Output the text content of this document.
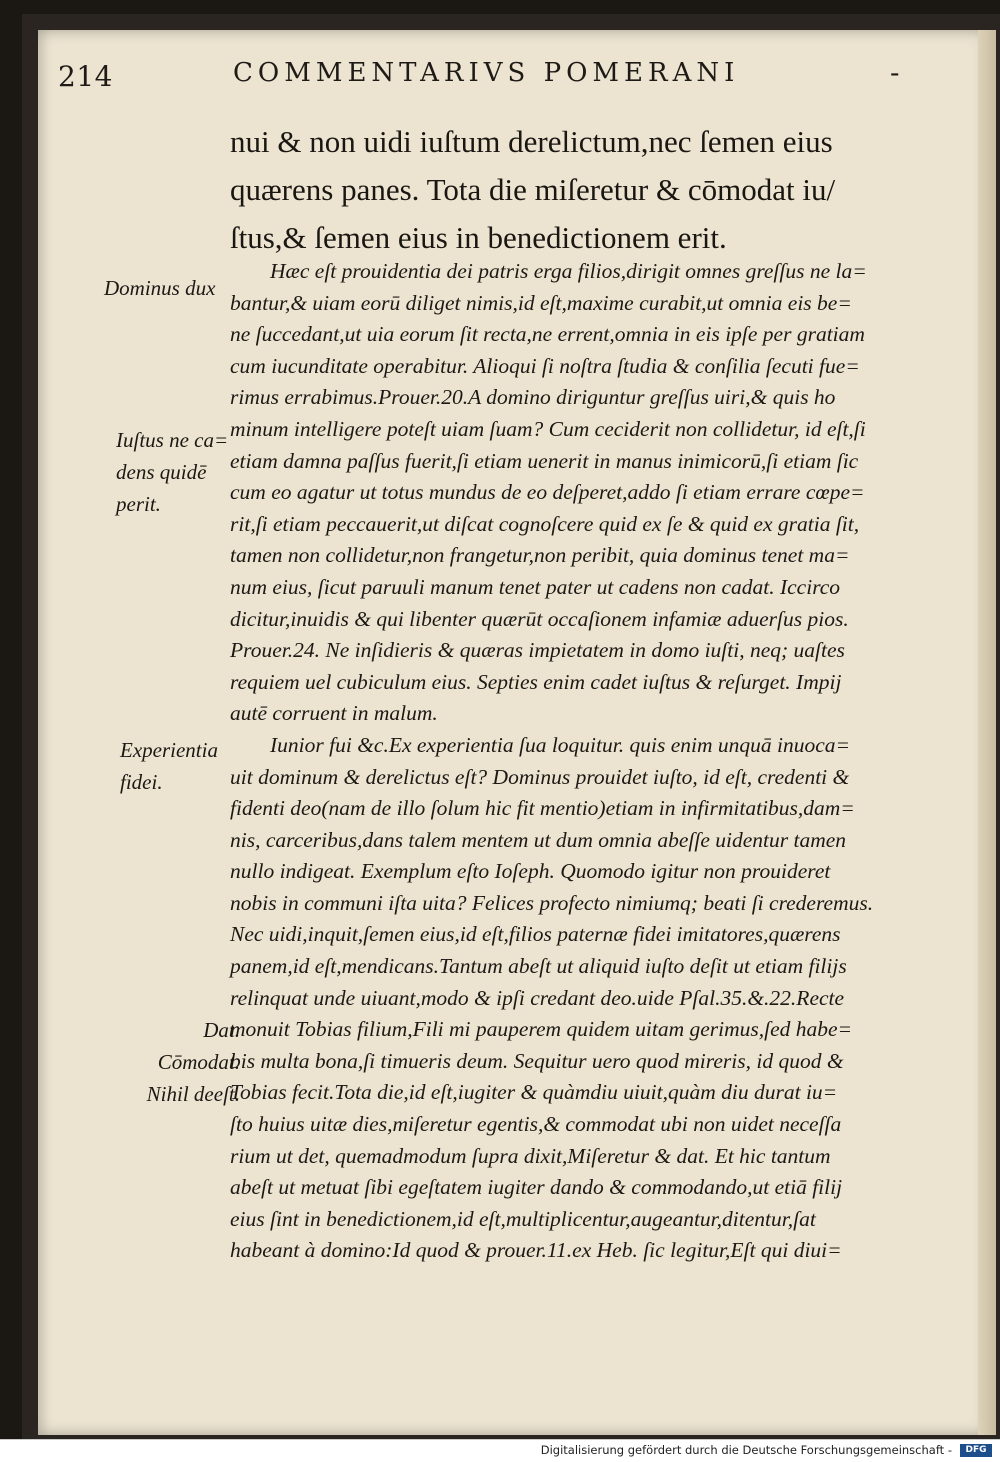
214	COMMENTARIVS POMERANI	-

nui & non uidi iuſtum derelictum,nec ſemen eius

quærens panes. Tota die miſeretur & cōmodat iu/

ſtus,& ſemen eius in benedictionem erit.

Hæc eſt prouidentia dei patris erga filios,dirigit omnes greſſus ne la=

bantur,& uiam eorū diliget nimis,id eſt,maxime curabit,ut omnia eis be=

ne ſuccedant,ut uia eorum ſit recta,ne errent,omnia in eis ipſe per gratiam

cum iucunditate operabitur. Alioqui ſi noſtra ſtudia & conſilia ſecuti fue=

rimus errabimus.Prouer.20.A domino diriguntur greſſus uiri,& quis ho

minum intelligere poteſt uiam ſuam? Cum ceciderit non collidetur, id eſt,ſi

etiam damna paſſus fuerit,ſi etiam uenerit in manus inimicorū,ſi etiam ſic

cum eo agatur ut totus mundus de eo deſperet,addo ſi etiam errare cœpe=

rit,ſi etiam peccauerit,ut diſcat cognoſcere quid ex ſe & quid ex gratia ſit,

tamen non collidetur,non frangetur,non peribit, quia dominus tenet ma=

num eius, ſicut paruuli manum tenet pater ut cadens non cadat. Iccirco

dicitur,inuidis & qui libenter quærūt occaſionem infamiæ aduerſus pios.

Prouer.24. Ne inſidieris & quæras impietatem in domo iuſti, neq; uaſtes

requiem uel cubiculum eius. Septies enim cadet iuſtus & reſurget. Impij

autē corruent in malum.

Iunior fui &c.Ex experientia ſua loquitur. quis enim unquā inuoca=

uit dominum & derelictus eſt? Dominus prouidet iuſto, id eſt, credenti &

fidenti deo(nam de illo ſolum hic fit mentio)etiam in infirmitatibus,dam=

nis, carceribus,dans talem mentem ut dum omnia abeſſe uidentur tamen

nullo indigeat. Exemplum eſto Ioſeph. Quomodo igitur non prouideret

nobis in communi iſta uita? Felices profecto nimiumq; beati ſi crederemus.

Nec uidi,inquit,ſemen eius,id eſt,filios paternæ fidei imitatores,quærens

panem,id eſt,mendicans.Tantum abeſt ut aliquid iuſto deſit ut etiam filijs

relinquat unde uiuant,modo & ipſi credant deo.uide Pſal.35.&.22.Recte

monuit Tobias filium,Fili mi pauperem quidem uitam gerimus,ſed habe=

bis multa bona,ſi timueris deum. Sequitur uero quod mireris, id quod &

Tobias fecit.Tota die,id eſt,iugiter & quàmdiu uiuit,quàm diu durat iu=

ſto huius uitæ dies,miſeretur egentis,& commodat ubi non uidet neceſſa

rium ut det, quemadmodum ſupra dixit,Miſeretur & dat. Et hic tantum

abeſt ut metuat ſibi egeſtatem iugiter dando & commodando,ut etiā filij

eius ſint in benedictionem,id eſt,multiplicentur,augeantur,ditentur,ſat

habeant à domino:Id quod & prouer.11.ex Heb. ſic legitur,Eſt qui diui=

Dominus dux
Iuſtus ne ca=
dens quidē
perit.
Experientia
fidei.
Dat.
Cōmodat.
Nihil deeſt.
Digitalisierung gefördert durch die Deutsche Forschungsgemeinschaft -	DFG
